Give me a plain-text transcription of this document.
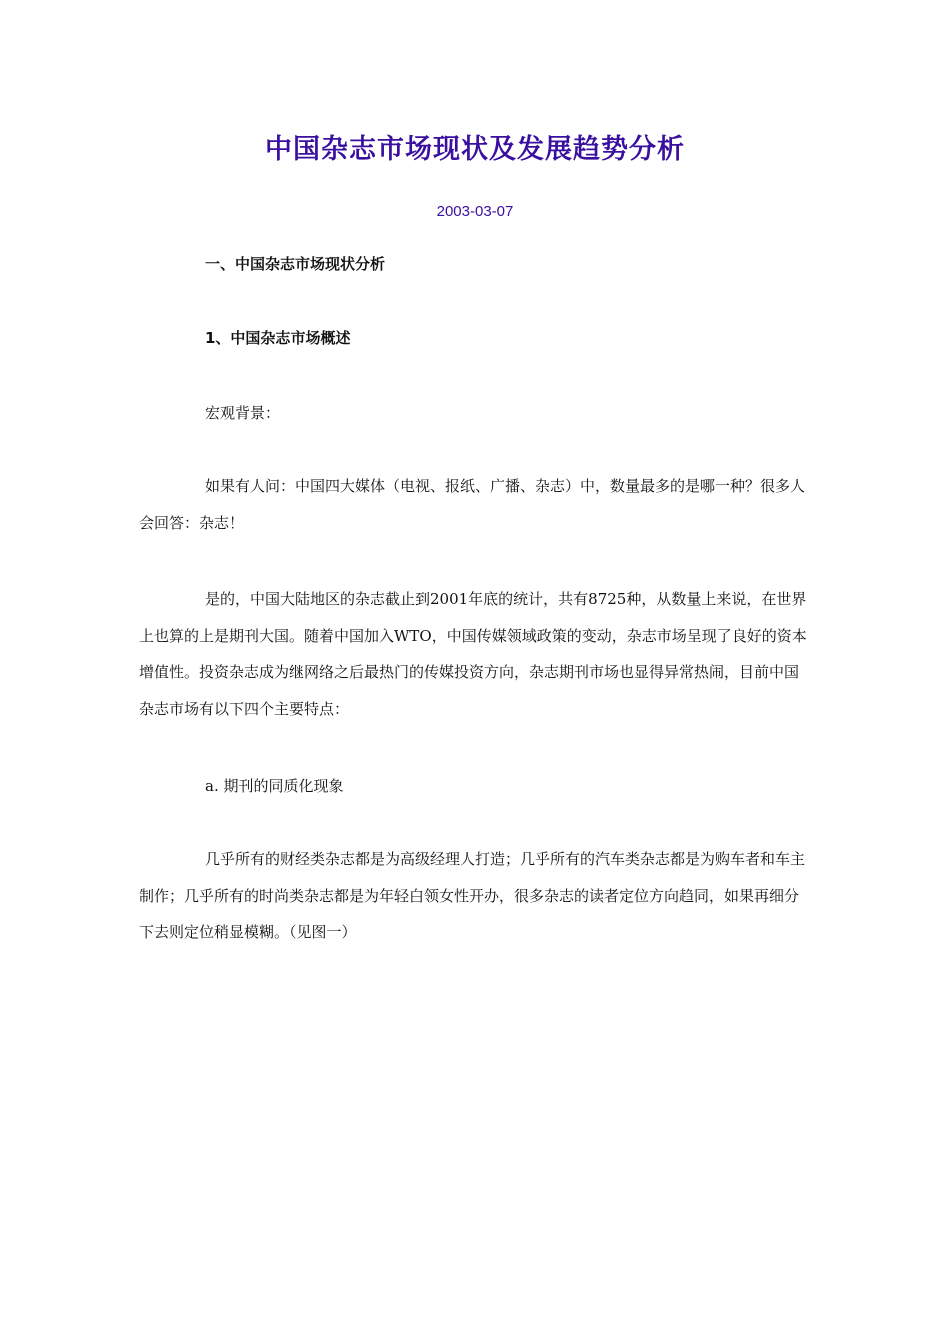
中国杂志市场现状及发展趋势分析
2003-03-07
一、中国杂志市场现状分析
1、中国杂志市场概述
宏观背景：

如果有人问：中国四大媒体（电视、报纸、广播、杂志）中，数量最多的是哪一种？很多人会回答：杂志！

是的，中国大陆地区的杂志截止到2001年底的统计，共有8725种，从数量上来说，在世界上也算的上是期刊大国。随着中国加入WTO，中国传媒领域政策的变动，杂志市场呈现了良好的资本增值性。投资杂志成为继网络之后最热门的传媒投资方向，杂志期刊市场也显得异常热闹，目前中国杂志市场有以下四个主要特点：

a. 期刊的同质化现象

几乎所有的财经类杂志都是为高级经理人打造；几乎所有的汽车类杂志都是为购车者和车主制作；几乎所有的时尚类杂志都是为年轻白领女性开办，很多杂志的读者定位方向趋同，如果再细分下去则定位稍显模糊。（见图一）
